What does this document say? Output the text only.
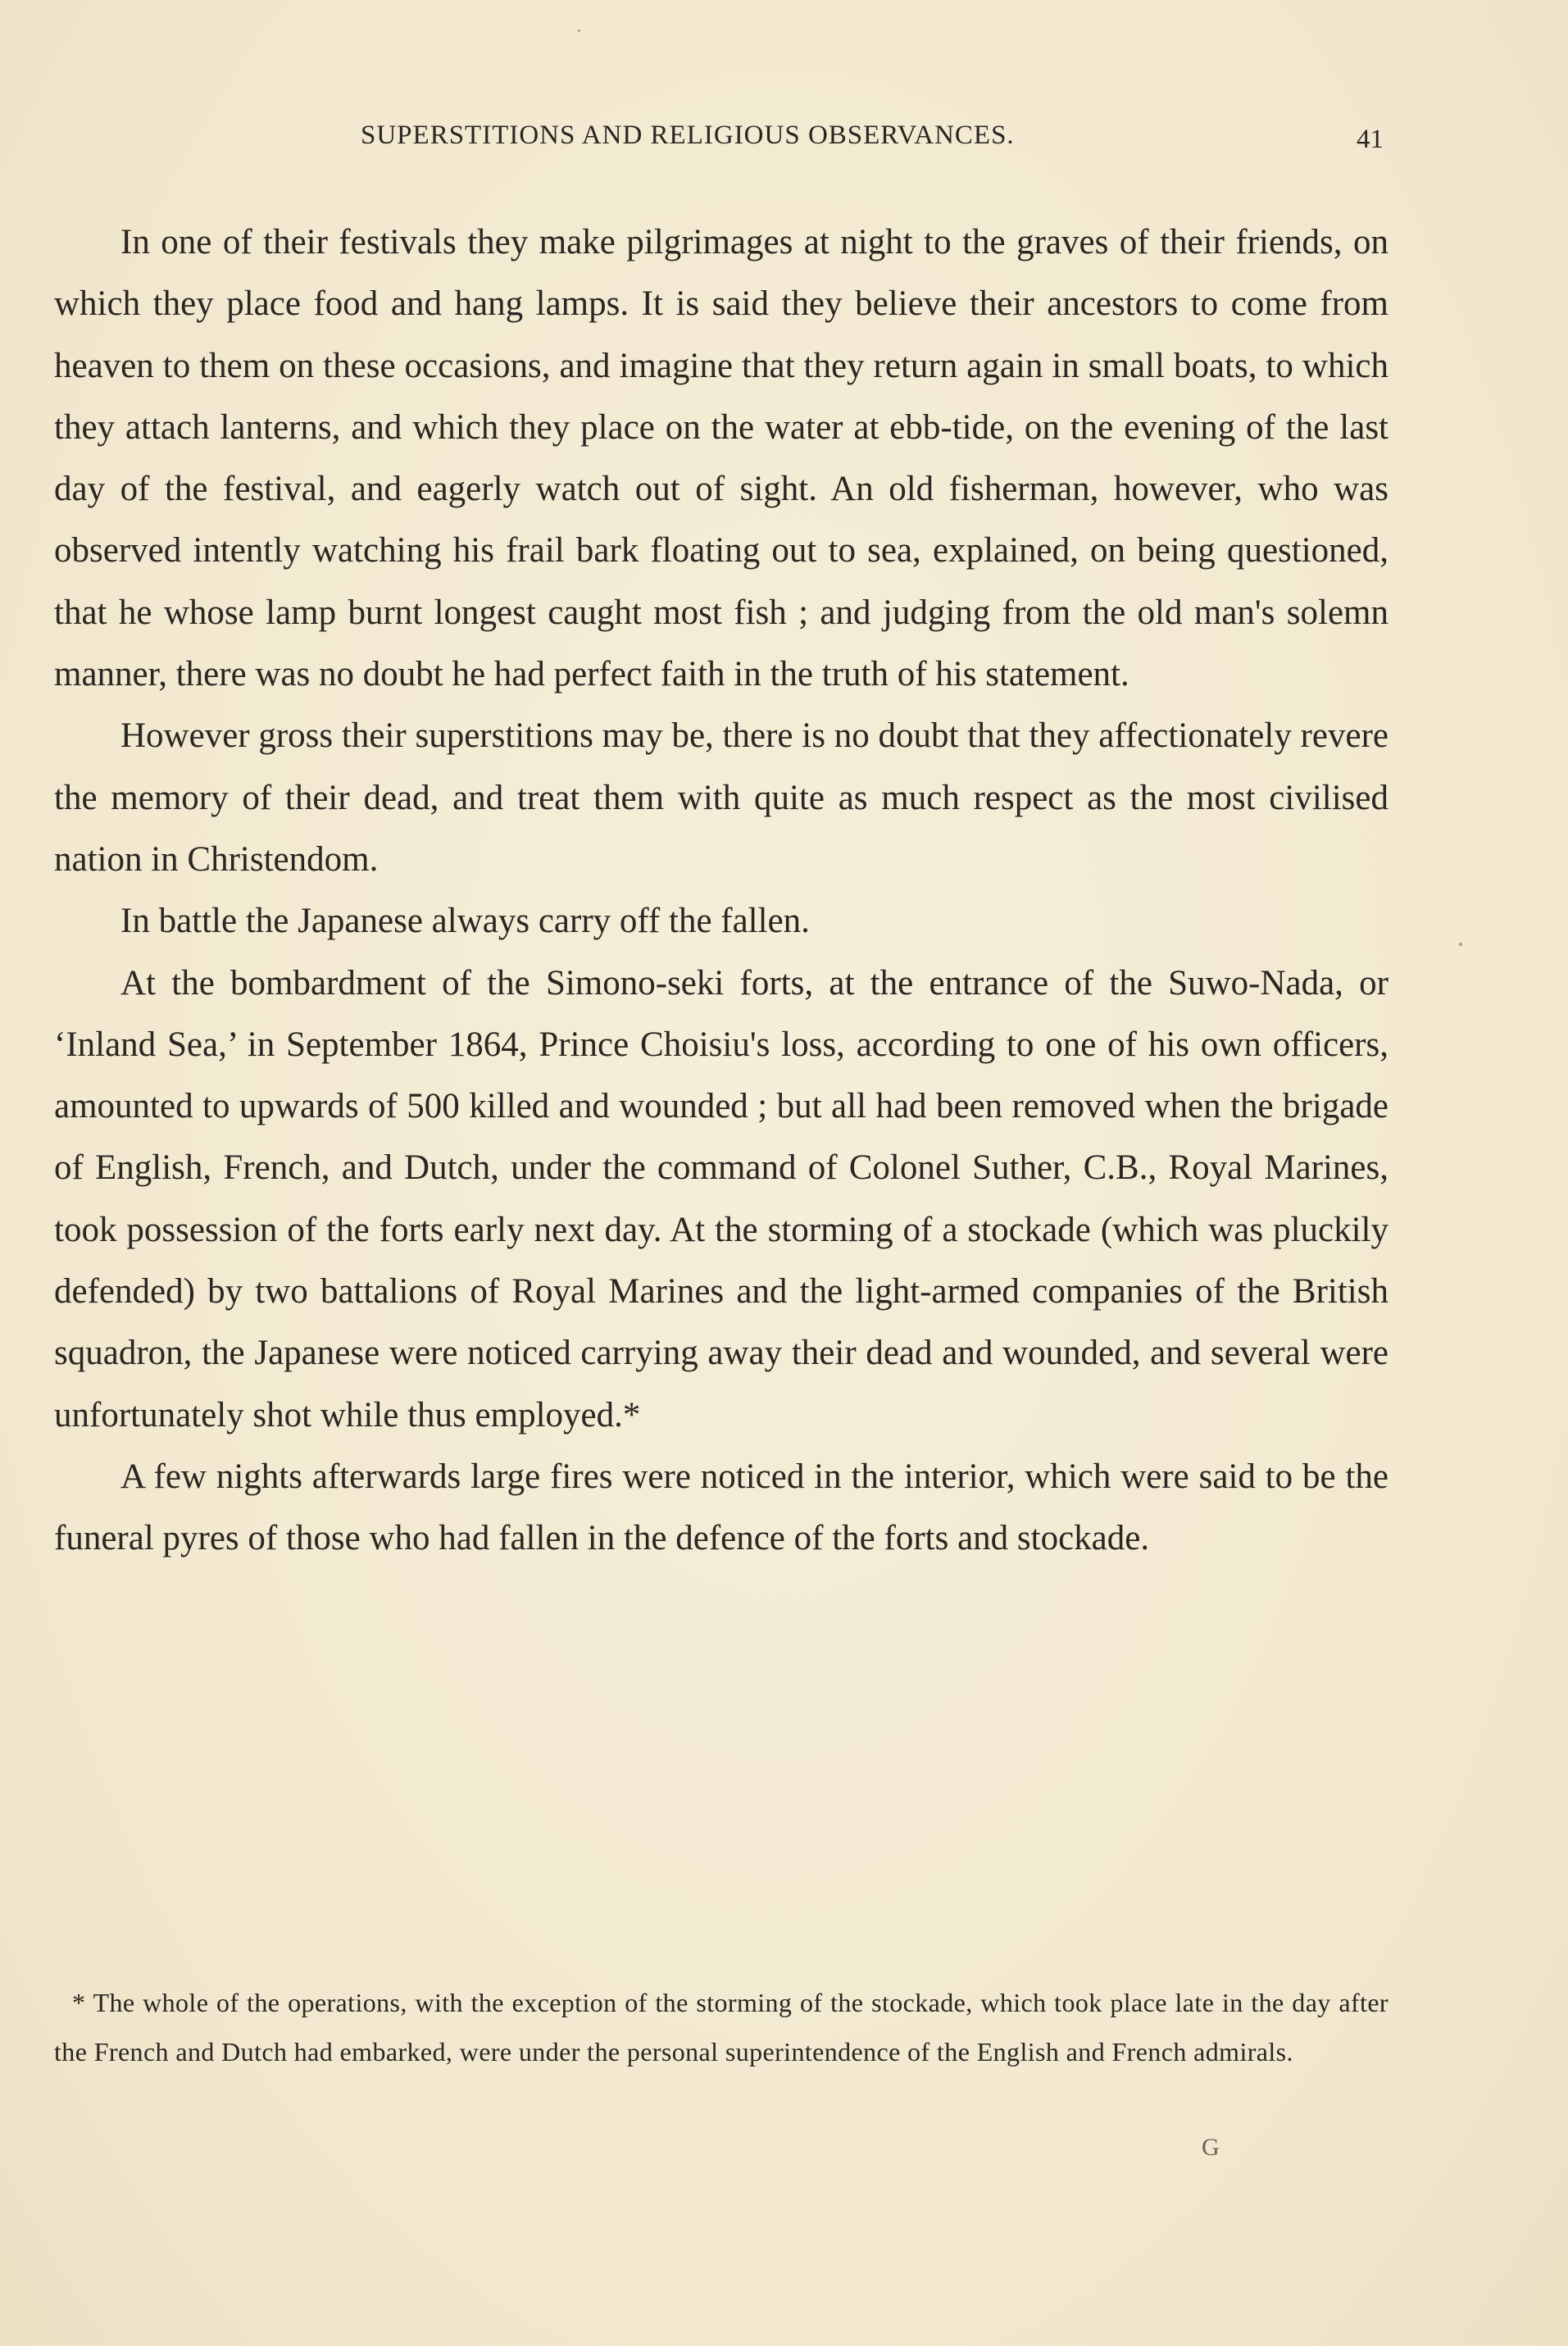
SUPERSTITIONS AND RELIGIOUS OBSERVANCES.	41

In one of their festivals they make pilgrimages at night to the graves of their friends, on which they place food and hang lamps. It is said they believe their ancestors to come from heaven to them on these occasions, and imagine that they return again in small boats, to which they attach lanterns, and which they place on the water at ebb-tide, on the evening of the last day of the festival, and eagerly watch out of sight. An old fisherman, however, who was observed intently watching his frail bark floating out to sea, explained, on being questioned, that he whose lamp burnt longest caught most fish ; and judging from the old man's solemn manner, there was no doubt he had perfect faith in the truth of his statement.

However gross their superstitions may be, there is no doubt that they affectionately revere the memory of their dead, and treat them with quite as much respect as the most civilised nation in Christendom.

In battle the Japanese always carry off the fallen.

At the bombardment of the Simono-seki forts, at the entrance of the Suwo-Nada, or ‘Inland Sea,’ in September 1864, Prince Choisiu's loss, according to one of his own officers, amounted to upwards of 500 killed and wounded ; but all had been removed when the brigade of English, French, and Dutch, under the command of Colonel Suther, C.B., Royal Marines, took possession of the forts early next day. At the storming of a stockade (which was pluckily defended) by two battalions of Royal Marines and the light-armed companies of the British squadron, the Japanese were noticed carrying away their dead and wounded, and several were unfortunately shot while thus employed.*

A few nights afterwards large fires were noticed in the interior, which were said to be the funeral pyres of those who had fallen in the defence of the forts and stockade.

* The whole of the operations, with the exception of the storming of the stockade, which took place late in the day after the French and Dutch had embarked, were under the personal superintendence of the English and French admirals.

G
